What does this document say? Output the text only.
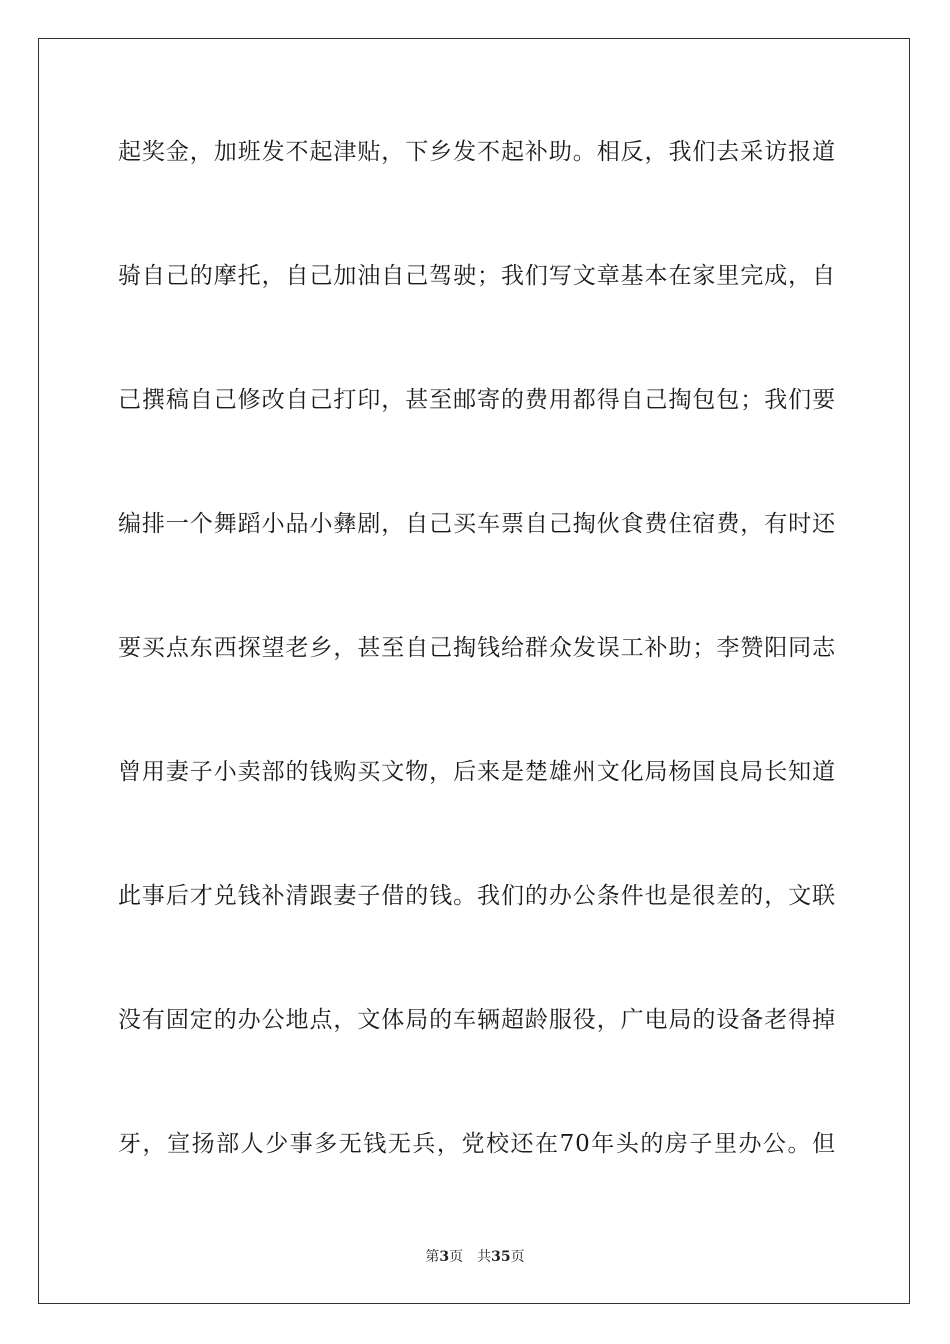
起奖金，加班发不起津贴，下乡发不起补助。相反，我们去采访报道
骑自己的摩托，自己加油自己驾驶；我们写文章基本在家里完成，自
己撰稿自己修改自己打印，甚至邮寄的费用都得自己掏包包；我们要
编排一个舞蹈小品小彝剧，自己买车票自己掏伙食费住宿费，有时还
要买点东西探望老乡，甚至自己掏钱给群众发误工补助；李赞阳同志
曾用妻子小卖部的钱购买文物，后来是楚雄州文化局杨国良局长知道
此事后才兑钱补清跟妻子借的钱。我们的办公条件也是很差的，文联
没有固定的办公地点，文体局的车辆超龄服役，广电局的设备老得掉
牙，宣扬部人少事多无钱无兵，党校还在70年头的房子里办公。但
第3页 共35页
